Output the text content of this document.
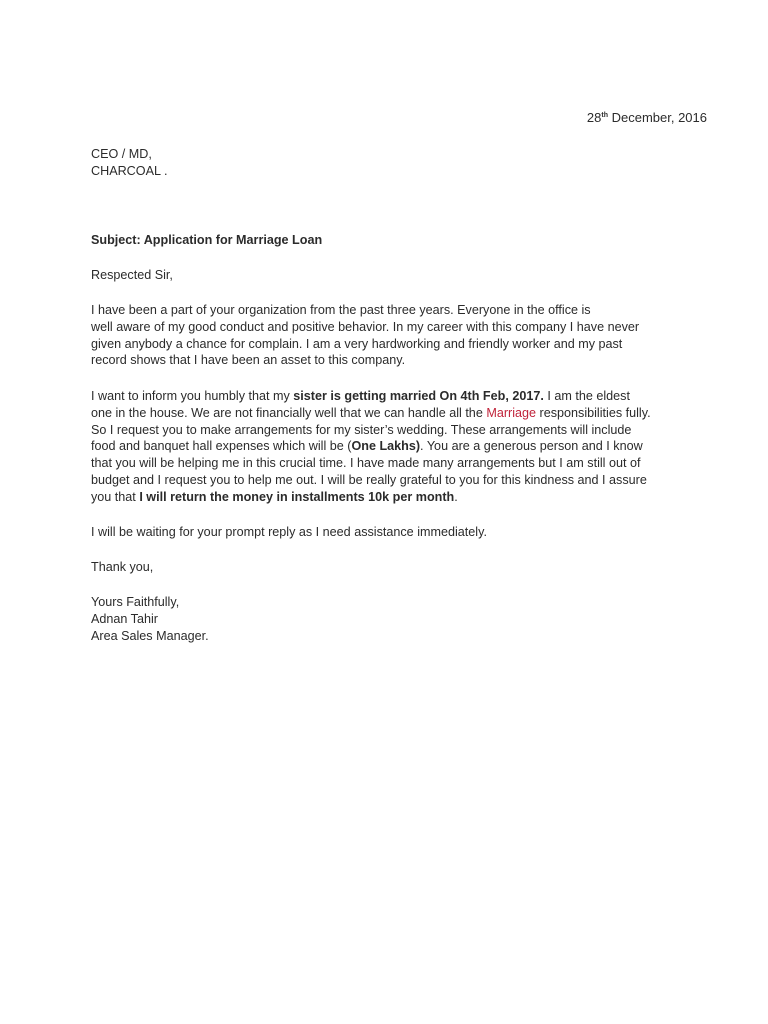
28th December, 2016
CEO / MD,
CHARCOAL .
Subject: Application for Marriage Loan
Respected Sir,
I have been a part of your organization from the past three years. Everyone in the office is
well aware of my good conduct and positive behavior. In my career with this company I have never
given anybody a chance for complain. I am a very hardworking and friendly worker and my past
record shows that I have been an asset to this company.
I want to inform you humbly that my sister is getting married On 4th Feb, 2017. I am the eldest
one in the house. We are not financially well that we can handle all the Marriage responsibilities fully.
So I request you to make arrangements for my sister’s wedding. These arrangements will include
food and banquet hall expenses which will be (One Lakhs). You are a generous person and I know
that you will be helping me in this crucial time. I have made many arrangements but I am still out of
budget and I request you to help me out. I will be really grateful to you for this kindness and I assure
you that I will return the money in installments 10k per month.
I will be waiting for your prompt reply as I need assistance immediately.
Thank you,
Yours Faithfully,
Adnan Tahir
Area Sales Manager.
